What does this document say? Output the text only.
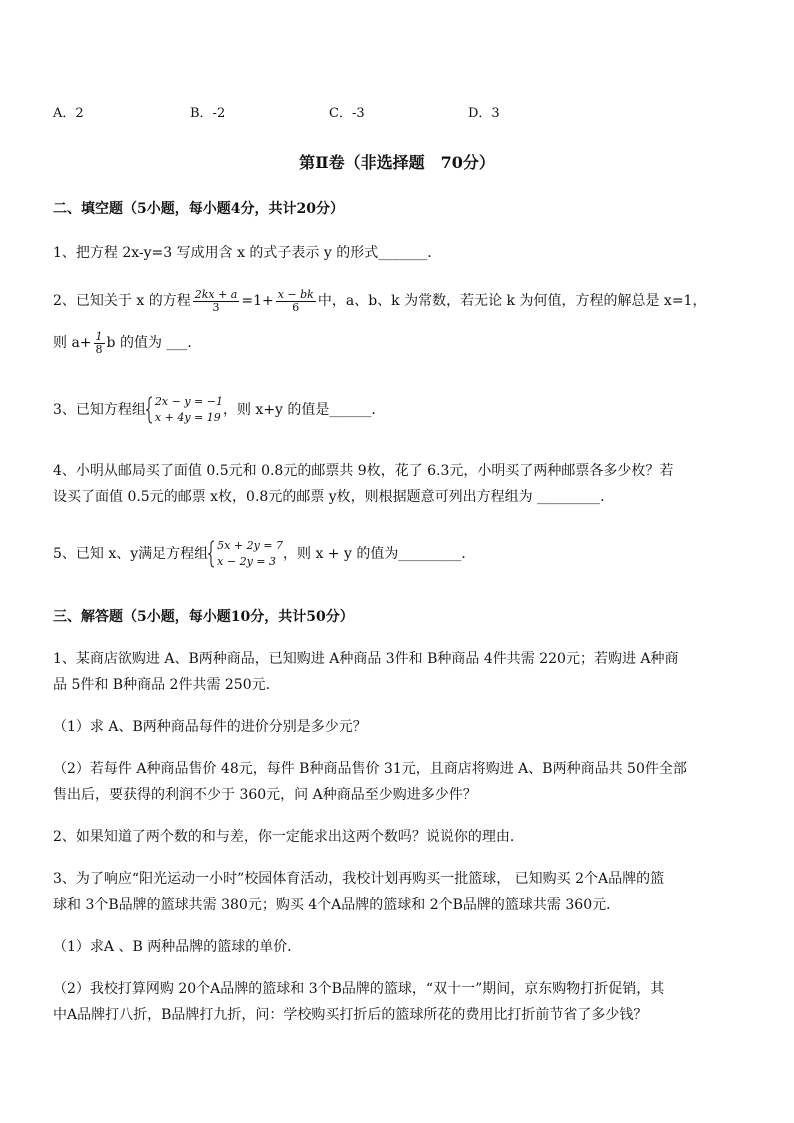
A．2	B．-2	C．-3	D．3
第Ⅱ卷（非选择题　70分）
二、填空题（5小题，每小题4分，共计20分）
1、把方程 2x-y=3 写成用含 x 的式子表示 y 的形式_______．
2、已知关于 x 的方程 $\frac{2kx + a}{3} =1+ \frac{x - bk}{6}$ 中，a、b、k 为常数，若无论 k 为何值，方程的解总是 x=1，
则 $a+ \frac{1}{8}$ b 的值为 ___．
3、已知方程组
2x − y = −1
x + 4y = 19 ，则 x+y 的值是______．
4、小明从邮局买了面值 0.5元和 0.8元的邮票共 9枚，花了 6.3元，小明买了两种邮票各多少枚？若
设买了面值 0.5元的邮票 x枚，0.8元的邮票 y枚，则根据题意可列出方程组为 _________．
5、已知 x、y满足方程组
5x + 2y = 7
x − 2y = 3 ，则 x + y 的值为_________．
三、解答题（5小题，每小题10分，共计50分）
1、某商店欲购进 A、B两种商品，已知购进 A种商品 3件和 B种商品 4件共需 220元；若购进 A种商
品 5件和 B种商品 2件共需 250元．
（1）求 A、B两种商品每件的进价分别是多少元？
（2）若每件 A种商品售价 48元，每件 B种商品售价 31元，且商店将购进 A、B两种商品共 50件全部
售出后，要获得的利润不少于 360元，问 A种商品至少购进多少件？
2、如果知道了两个数的和与差，你一定能求出这两个数吗？说说你的理由．
3、为了响应“阳光运动一小时”校园体育活动，我校计划再购买一批篮球， 已知购买 2个A品牌的篮
球和 3个B品牌的篮球共需 380元；购买 4个A品牌的篮球和 2个B品牌的篮球共需 360元．
（1）求A 、B 两种品牌的篮球的单价．
（2）我校打算网购 20个A品牌的篮球和 3个B品牌的篮球，“双十一”期间，京东购物打折促销，其
中A品牌打八折，B品牌打九折，问：学校购买打折后的篮球所花的费用比打折前节省了多少钱？
